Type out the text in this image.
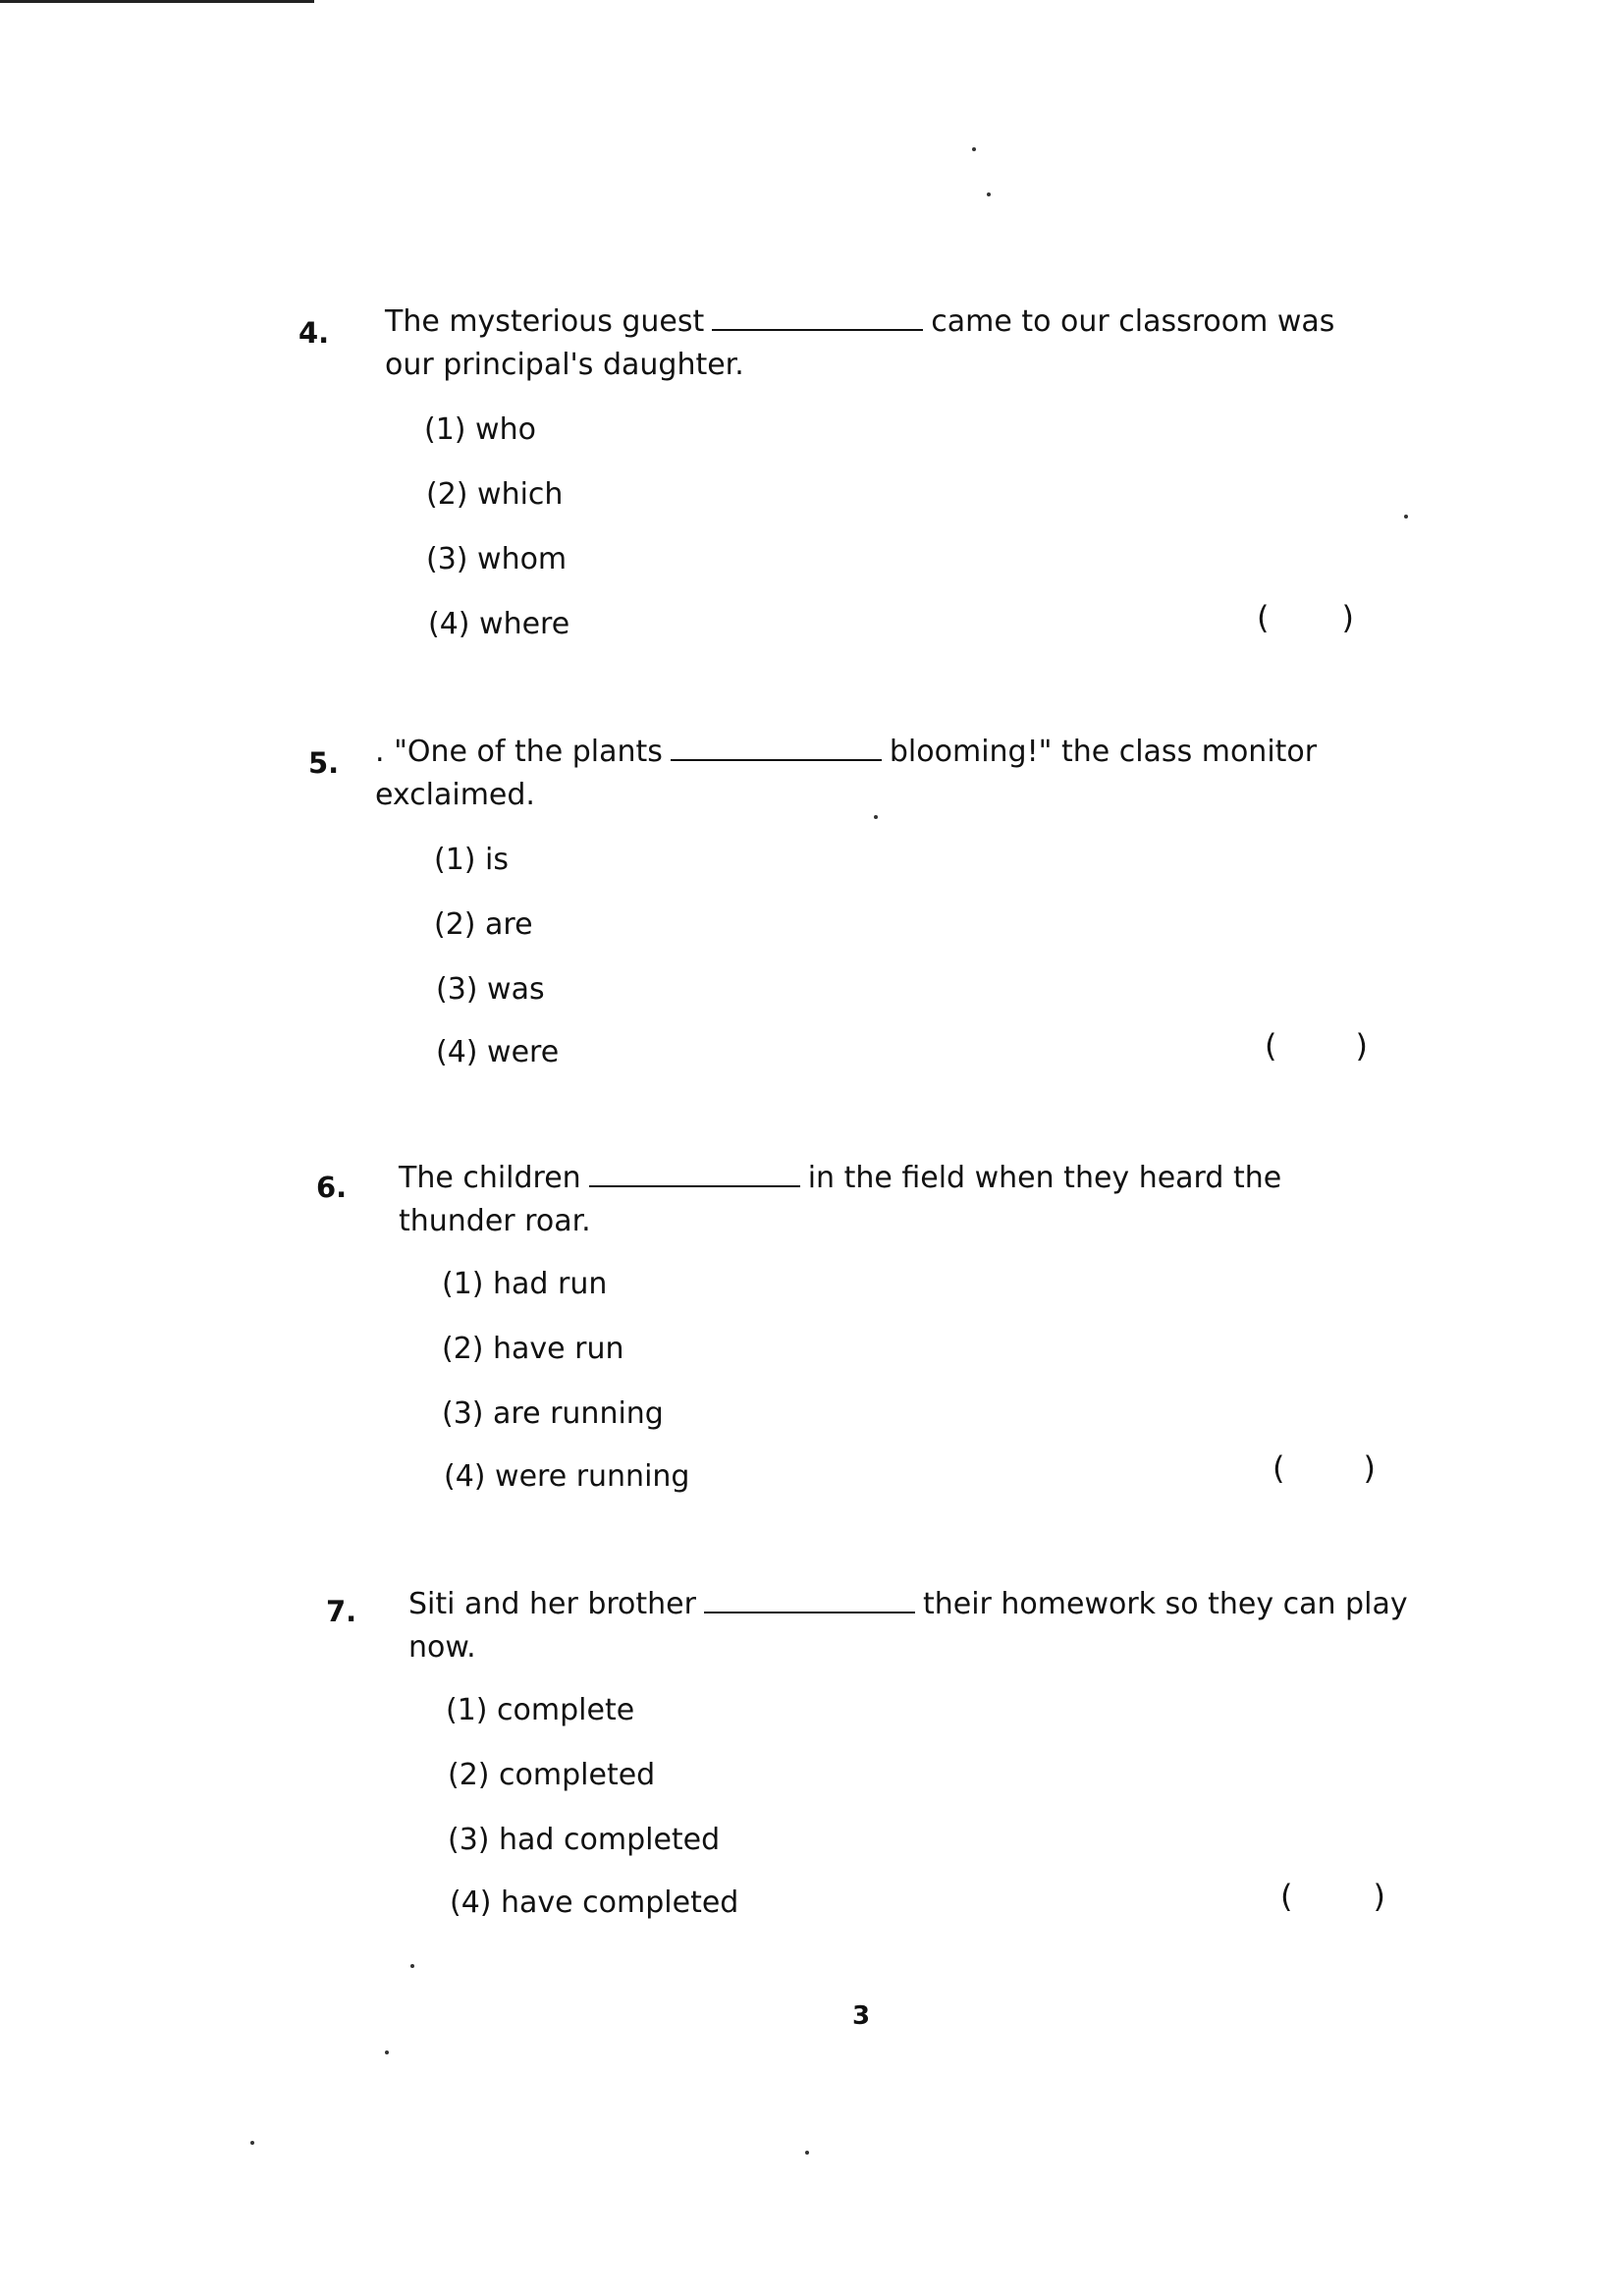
4. The mysterious guest	came to our classroom was our principal's daughter.
(1) who
(2) which
(3) whom
(4) where	( )
5. . "One of the plants	blooming!" the class monitor exclaimed.
(1) is
(2) are
(3) was
(4) were	(	)
6. The children	in the field when they heard the thunder roar.
(1) had run
(2) have run
(3) are running
(4) were running	(	)
7. Siti and her brother	their homework so they can play now.
(1) complete
(2) completed
(3) had completed
(4) have completed	(	)
3
